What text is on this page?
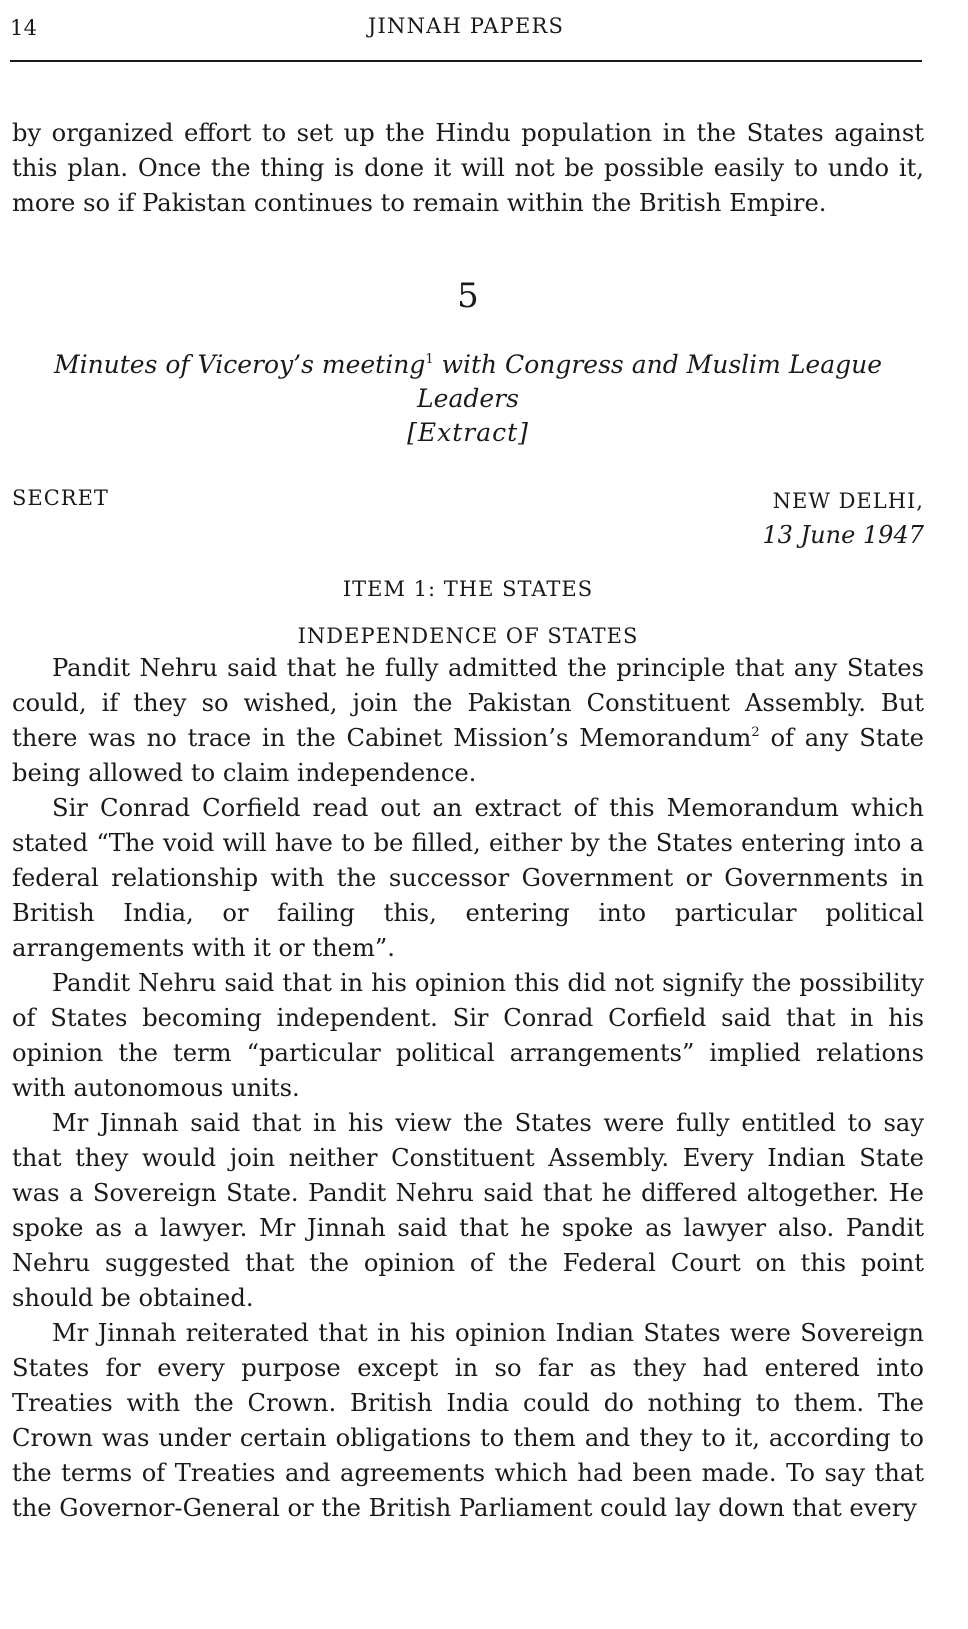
14	JINNAH PAPERS

by organized effort to set up the Hindu population in the States against this plan. Once the thing is done it will not be possible easily to undo it, more so if Pakistan continues to remain within the British Empire.

5
Minutes of Viceroy’s meeting$^1$ with Congress and Muslim League Leaders
[Extract]
SECRET	NEW DELHI,
13 June 1947

ITEM 1: THE STATES

INDEPENDENCE OF STATES

Pandit Nehru said that he fully admitted the principle that any States could, if they so wished, join the Pakistan Constituent Assembly. But there was no trace in the Cabinet Mission’s Memorandum$^2$ of any State being allowed to claim independence.

Sir Conrad Corfield read out an extract of this Memorandum which stated “The void will have to be filled, either by the States entering into a federal relationship with the successor Government or Governments in British India, or failing this, entering into particular political arrangements with it or them”.

Pandit Nehru said that in his opinion this did not signify the possibility of States becoming independent. Sir Conrad Corfield said that in his opinion the term “particular political arrangements” implied relations with autonomous units.

Mr Jinnah said that in his view the States were fully entitled to say that they would join neither Constituent Assembly. Every Indian State was a Sovereign State. Pandit Nehru said that he differed altogether. He spoke as a lawyer. Mr Jinnah said that he spoke as lawyer also. Pandit Nehru suggested that the opinion of the Federal Court on this point should be obtained.

Mr Jinnah reiterated that in his opinion Indian States were Sovereign States for every purpose except in so far as they had entered into Treaties with the Crown. British India could do nothing to them. The Crown was under certain obligations to them and they to it, according to the terms of Treaties and agreements which had been made. To say that the Governor-General or the British Parliament could lay down that every
